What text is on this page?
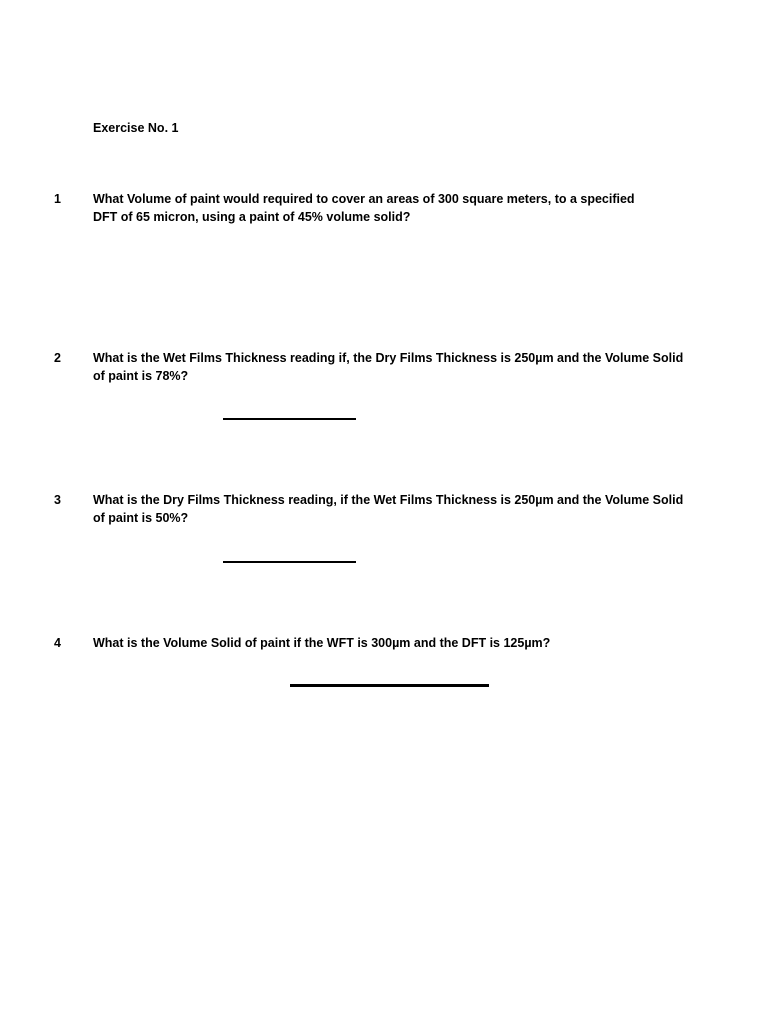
Exercise No. 1
1	What Volume of paint would required to cover an areas of 300 square meters, to a specified
DFT of 65 micron, using a paint of 45% volume solid?
2	What is the Wet Films Thickness reading if, the Dry Films Thickness is 250µm and the Volume Solid
of paint is 78%?
3	What is the Dry Films Thickness reading, if the Wet Films Thickness is 250µm and the Volume Solid
of paint is 50%?
4	What is the Volume Solid of paint if the WFT is 300µm and the DFT is 125µm?
